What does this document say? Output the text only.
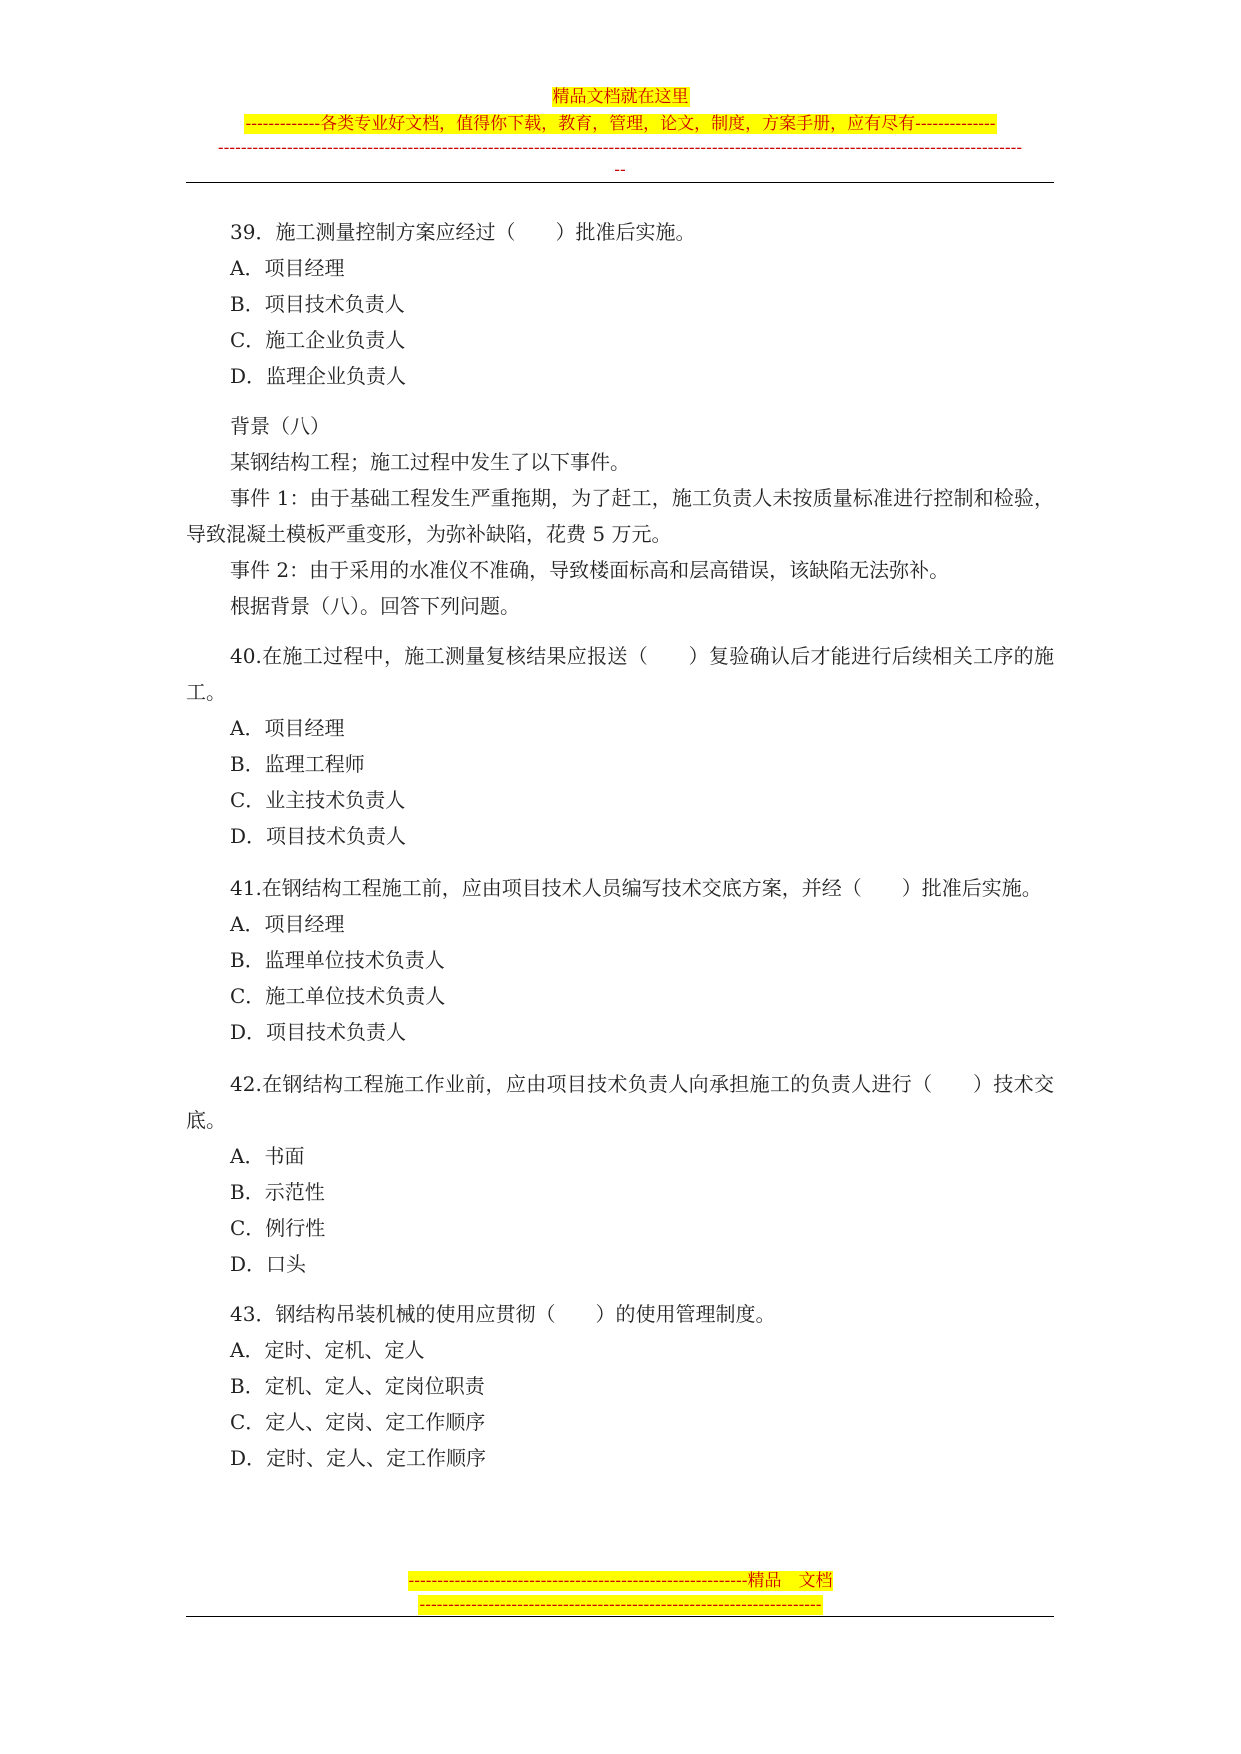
精品文档就在这里
-------------各类专业好文档，值得你下载，教育，管理，论文，制度，方案手册，应有尽有--------------
--------------------------------------------------------------------------------------------------------------------------------------------
--

39．施工测量控制方案应经过（　　）批准后实施。

A．项目经理

B．项目技术负责人

C．施工企业负责人

D．监理企业负责人

背景（八）

某钢结构工程；施工过程中发生了以下事件。

事件 1：由于基础工程发生严重拖期，为了赶工，施工负责人未按质量标准进行控制和检验，导致混凝土模板严重变形，为弥补缺陷，花费 5 万元。

事件 2：由于采用的水准仪不准确，导致楼面标高和层高错误，该缺陷无法弥补。

根据背景（八）。回答下列问题。

40.在施工过程中，施工测量复核结果应报送（　　）复验确认后才能进行后续相关工序的施工。

A．项目经理

B．监理工程师

C．业主技术负责人

D．项目技术负责人

41.在钢结构工程施工前，应由项目技术人员编写技术交底方案，并经（　　）批准后实施。

A．项目经理

B．监理单位技术负责人

C．施工单位技术负责人

D．项目技术负责人

42.在钢结构工程施工作业前，应由项目技术负责人向承担施工的负责人进行（　　）技术交底。

A．书面

B．示范性

C．例行性

D．口头

43．钢结构吊装机械的使用应贯彻（　　）的使用管理制度。

A．定时、定机、定人

B．定机、定人、定岗位职责

C．定人、定岗、定工作顺序

D．定时、定人、定工作顺序

-----------------------------------------------------------精品　文档
----------------------------------------------------------------------
